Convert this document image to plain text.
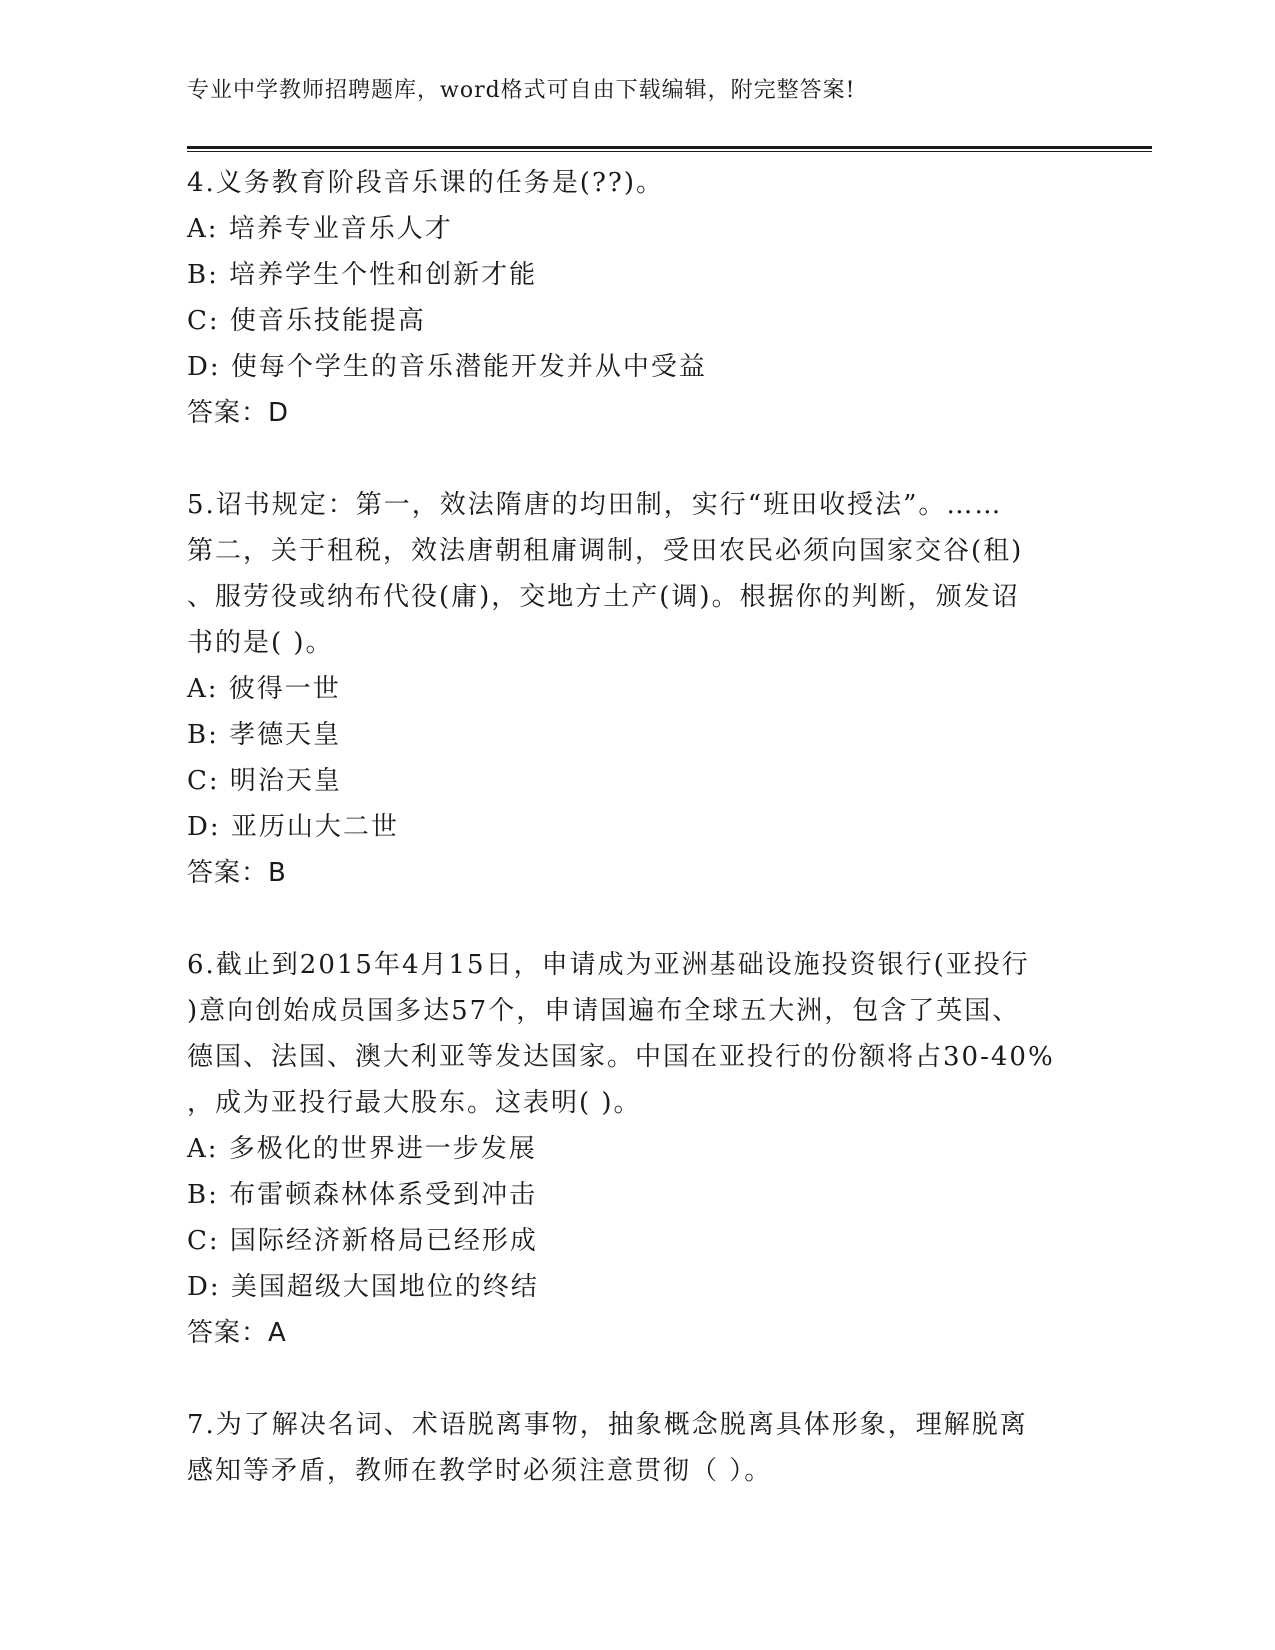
专业中学教师招聘题库，word格式可自由下载编辑，附完整答案!
4.义务教育阶段音乐课的任务是(??)。
A: 培养专业音乐人才
B: 培养学生个性和创新才能
C: 使音乐技能提高
D: 使每个学生的音乐潜能开发并从中受益
答案：D
5.诏书规定：第一，效法隋唐的均田制，实行“班田收授法”。……
第二，关于租税，效法唐朝租庸调制，受田农民必须向国家交谷(租)
、服劳役或纳布代役(庸)，交地方土产(调)。根据你的判断，颁发诏
书的是( )。
A: 彼得一世
B: 孝德天皇
C: 明治天皇
D: 亚历山大二世
答案：B
6.截止到2015年4月15日，申请成为亚洲基础设施投资银行(亚投行
)意向创始成员国多达57个，申请国遍布全球五大洲，包含了英国、
德国、法国、澳大利亚等发达国家。中国在亚投行的份额将占30-40%
，成为亚投行最大股东。这表明( )。
A: 多极化的世界进一步发展
B: 布雷顿森林体系受到冲击
C: 国际经济新格局已经形成
D: 美国超级大国地位的终结
答案：A
7.为了解决名词、术语脱离事物，抽象概念脱离具体形象，理解脱离
感知等矛盾，教师在教学时必须注意贯彻（ ）。
